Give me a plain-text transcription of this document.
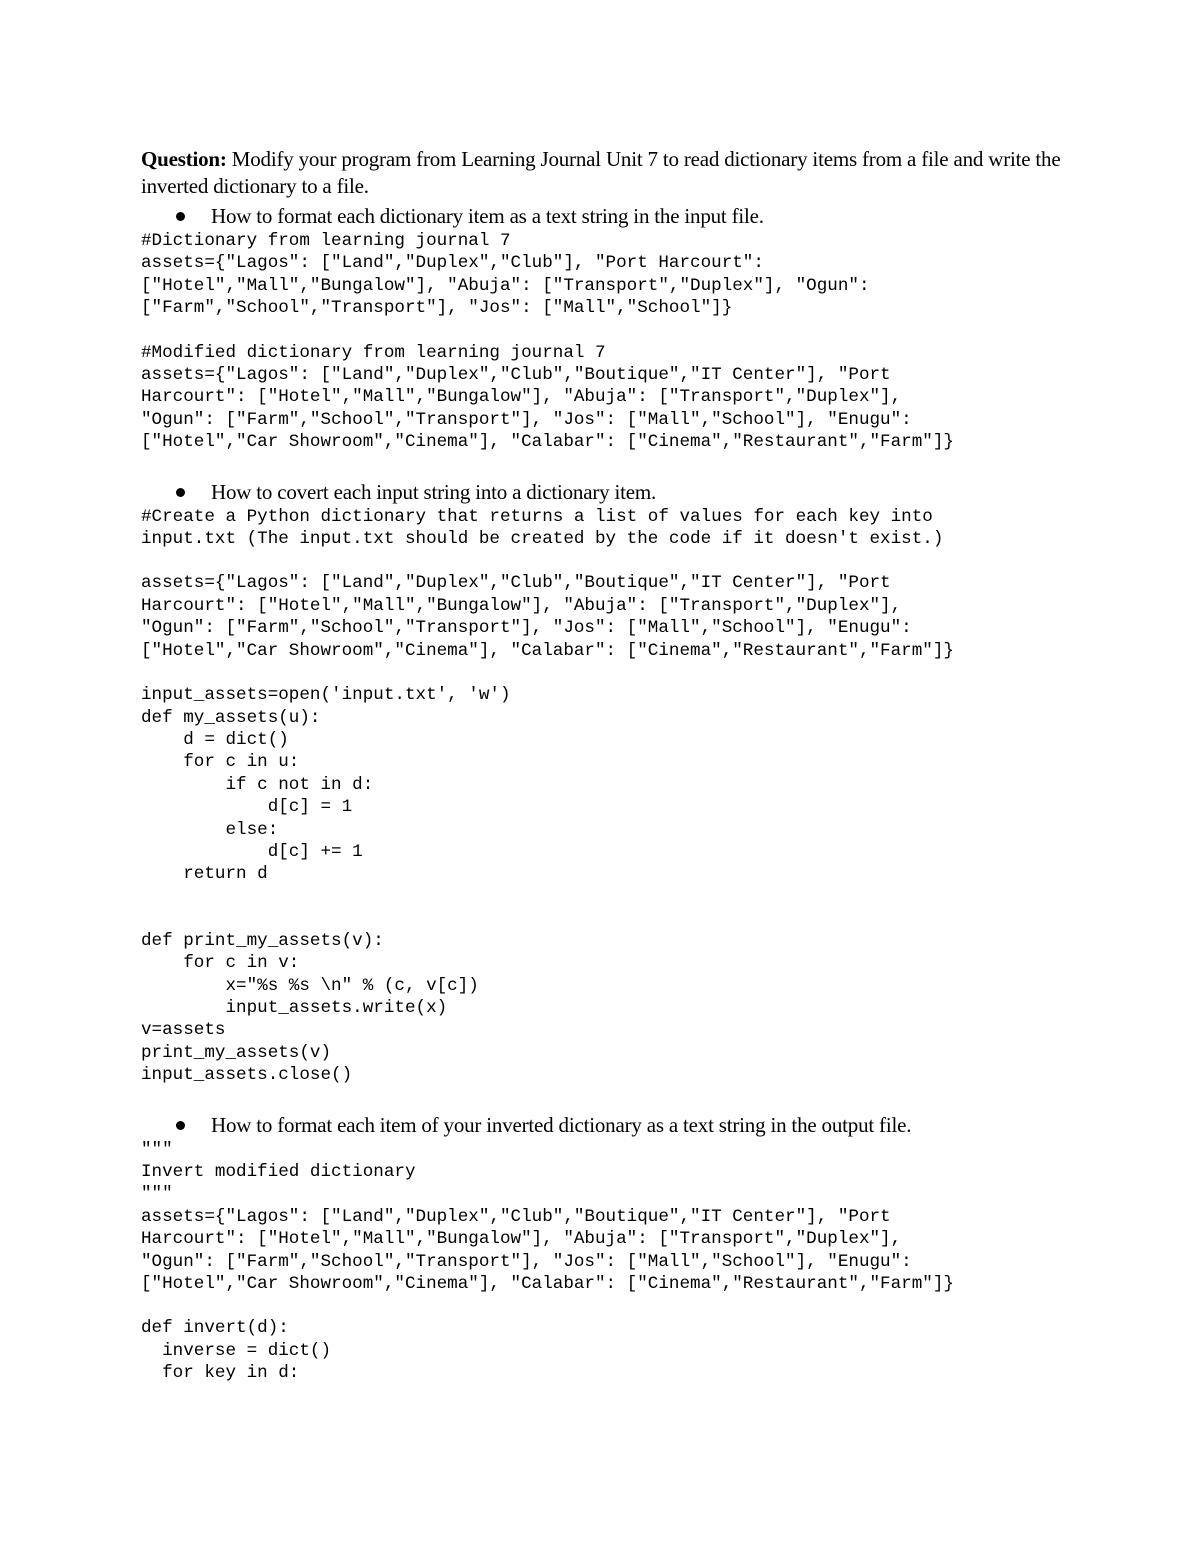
Question: Modify your program from Learning Journal Unit 7 to read dictionary items from a file and write the inverted dictionary to a file.

How to format each dictionary item as a text string in the input file.
#Dictionary from learning journal 7
assets={"Lagos": ["Land","Duplex","Club"], "Port Harcourt":
["Hotel","Mall","Bungalow"], "Abuja": ["Transport","Duplex"], "Ogun":
["Farm","School","Transport"], "Jos": ["Mall","School"]}
#Modified dictionary from learning journal 7
assets={"Lagos": ["Land","Duplex","Club","Boutique","IT Center"], "Port
Harcourt": ["Hotel","Mall","Bungalow"], "Abuja": ["Transport","Duplex"],
"Ogun": ["Farm","School","Transport"], "Jos": ["Mall","School"], "Enugu":
["Hotel","Car Showroom","Cinema"], "Calabar": ["Cinema","Restaurant","Farm"]}
How to covert each input string into a dictionary item.
#Create a Python dictionary that returns a list of values for each key into
input.txt (The input.txt should be created by the code if it doesn't exist.)
assets={"Lagos": ["Land","Duplex","Club","Boutique","IT Center"], "Port
Harcourt": ["Hotel","Mall","Bungalow"], "Abuja": ["Transport","Duplex"],
"Ogun": ["Farm","School","Transport"], "Jos": ["Mall","School"], "Enugu":
["Hotel","Car Showroom","Cinema"], "Calabar": ["Cinema","Restaurant","Farm"]}
input_assets=open('input.txt', 'w')
def my_assets(u):
d = dict()
for c in u:
if c not in d:
d[c] = 1
else:
d[c] += 1
return d
def print_my_assets(v):
for c in v:
x="%s %s \n" % (c, v[c])
input_assets.write(x)
v=assets
print_my_assets(v)
input_assets.close()
How to format each item of your inverted dictionary as a text string in the output file.
"""
Invert modified dictionary
"""
assets={"Lagos": ["Land","Duplex","Club","Boutique","IT Center"], "Port
Harcourt": ["Hotel","Mall","Bungalow"], "Abuja": ["Transport","Duplex"],
"Ogun": ["Farm","School","Transport"], "Jos": ["Mall","School"], "Enugu":
["Hotel","Car Showroom","Cinema"], "Calabar": ["Cinema","Restaurant","Farm"]}
def invert(d):
inverse = dict()
for key in d:
